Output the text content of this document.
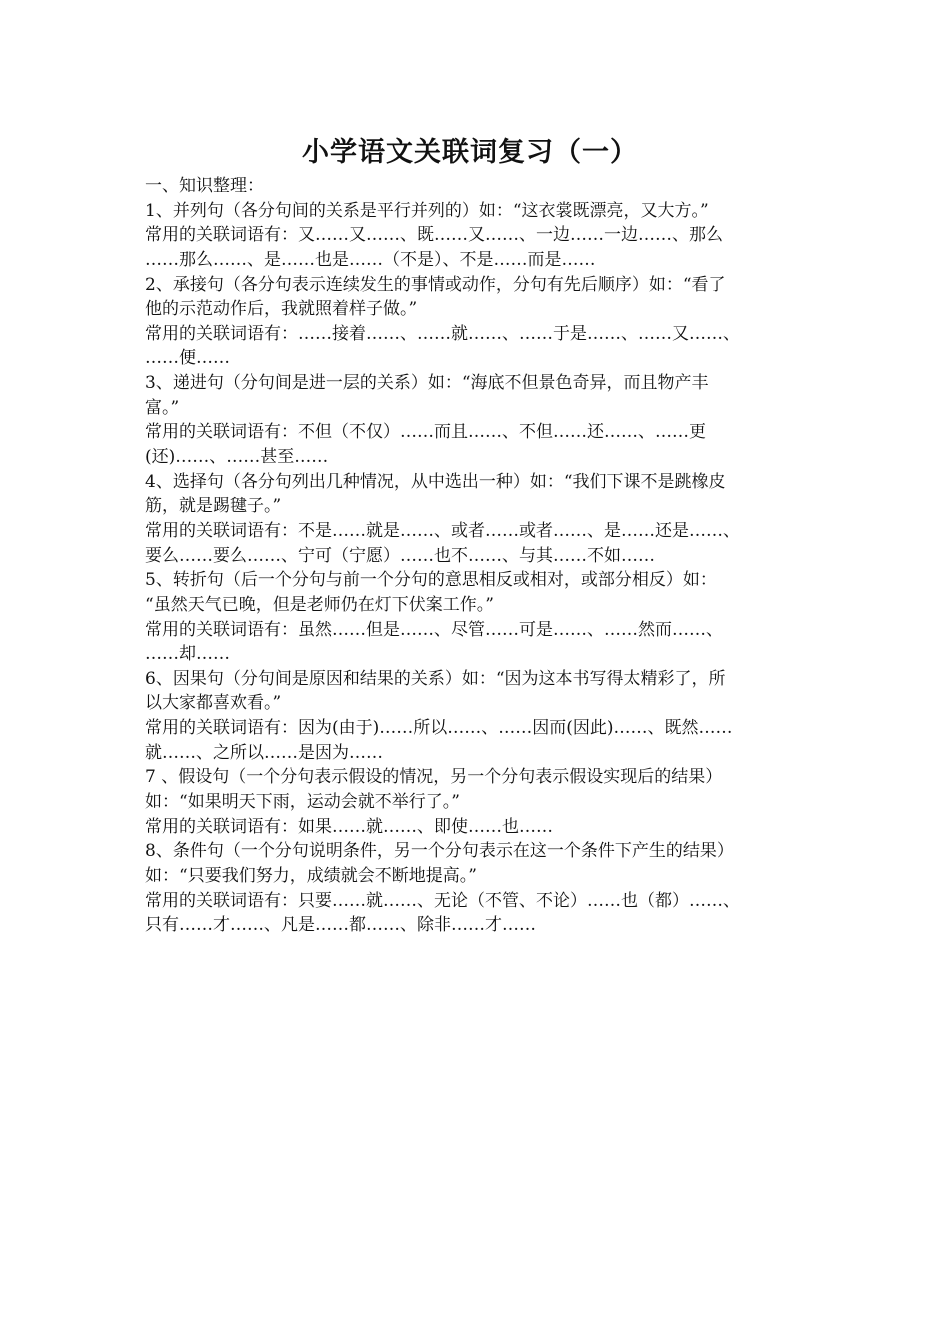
小学语文关联词复习（一）
一、知识整理：
1、并列句（各分句间的关系是平行并列的）如：“这衣裳既漂亮，又大方。”
常用的关联词语有：又……又……、既……又……、一边……一边……、那么
……那么……、是……也是……（不是）、不是……而是……
2、承接句（各分句表示连续发生的事情或动作，分句有先后顺序）如：“看了
他的示范动作后，我就照着样子做。”
常用的关联词语有：……接着……、……就……、……于是……、……又……、
……便……
3、递进句（分句间是进一层的关系）如：“海底不但景色奇异，而且物产丰
富。”
常用的关联词语有：不但（不仅）……而且……、不但……还……、……更
(还)……、……甚至……
4、选择句（各分句列出几种情况，从中选出一种）如：“我们下课不是跳橡皮
筋，就是踢毽子。”
常用的关联词语有：不是……就是……、或者……或者……、是……还是……、
要么……要么……、宁可（宁愿）……也不……、与其……不如……
5、转折句（后一个分句与前一个分句的意思相反或相对，或部分相反）如：
“虽然天气已晚，但是老师仍在灯下伏案工作。”
常用的关联词语有：虽然……但是……、尽管……可是……、……然而……、
……却……
6、因果句（分句间是原因和结果的关系）如：“因为这本书写得太精彩了，所
以大家都喜欢看。”
常用的关联词语有：因为(由于)……所以……、……因而(因此)……、既然……
就……、之所以……是因为……
7 、假设句（一个分句表示假设的情况，另一个分句表示假设实现后的结果）
如：“如果明天下雨，运动会就不举行了。”
常用的关联词语有：如果……就……、即使……也……
8、条件句（一个分句说明条件，另一个分句表示在这一个条件下产生的结果）
如：“只要我们努力，成绩就会不断地提高。”
常用的关联词语有：只要……就……、无论（不管、不论）……也（都）……、
只有……才……、凡是……都……、除非……才……
